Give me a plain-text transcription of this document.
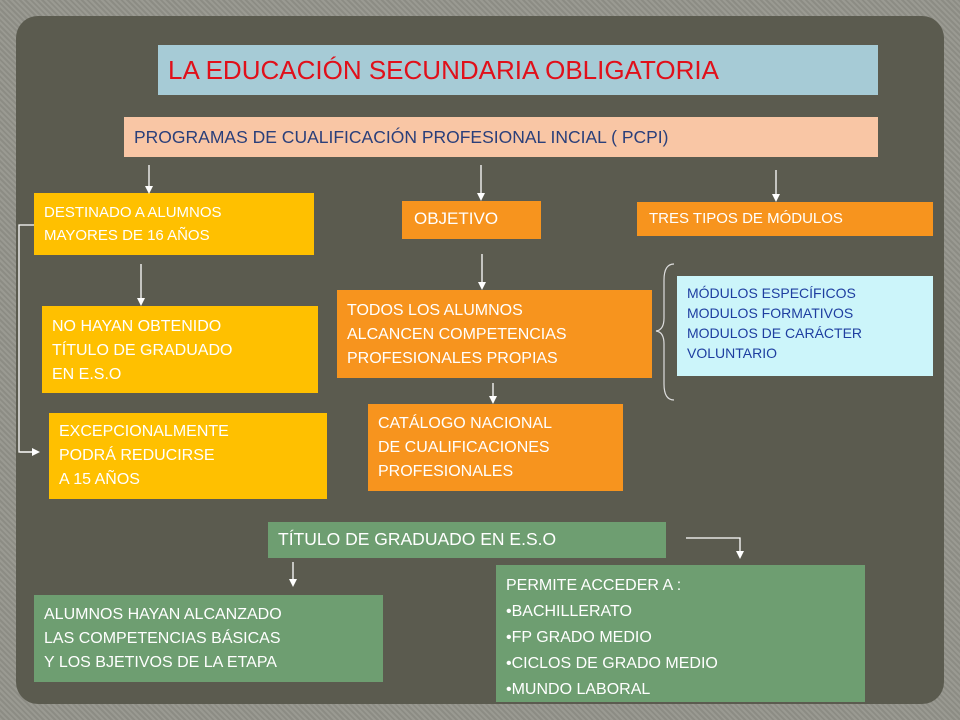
LA EDUCACIÓN SECUNDARIA OBLIGATORIA
PROGRAMAS DE CUALIFICACIÓN PROFESIONAL INCIAL ( PCPI)
DESTINADO A ALUMNOS
MAYORES DE 16 AÑOS
NO HAYAN OBTENIDO
TÍTULO DE GRADUADO
EN E.S.O
EXCEPCIONALMENTE
PODRÁ REDUCIRSE
A 15 AÑOS
OBJETIVO
TODOS LOS ALUMNOS
ALCANCEN COMPETENCIAS
PROFESIONALES PROPIAS
CATÁLOGO NACIONAL
DE CUALIFICACIONES
PROFESIONALES
TRES TIPOS DE MÓDULOS
MÓDULOS ESPECÍFICOS
MODULOS FORMATIVOS
MODULOS DE CARÁCTER
VOLUNTARIO
TÍTULO DE GRADUADO EN E.S.O
ALUMNOS HAYAN ALCANZADO
LAS COMPETENCIAS BÁSICAS
Y LOS BJETIVOS DE LA ETAPA
PERMITE ACCEDER A :
•BACHILLERATO
•FP GRADO MEDIO
•CICLOS DE GRADO MEDIO
•MUNDO LABORAL
